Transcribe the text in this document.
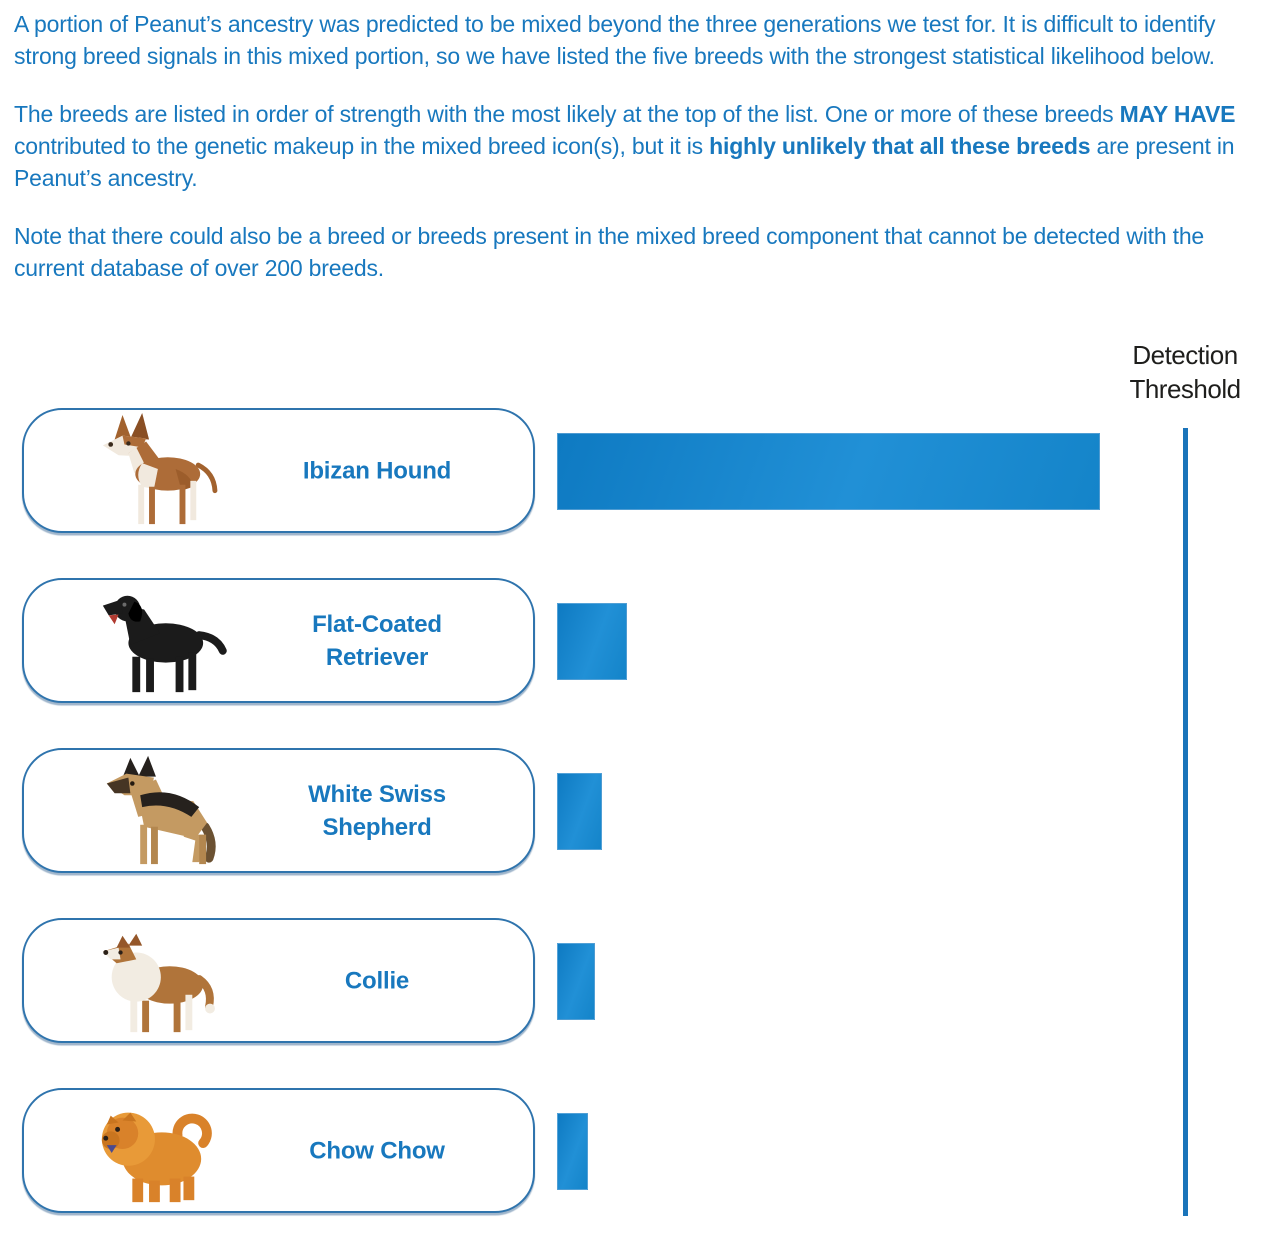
A portion of Peanut’s ancestry was predicted to be mixed beyond the three generations we test for. It is difficult to identify strong breed signals in this mixed portion, so we have listed the five breeds with the strongest statistical likelihood below.

The breeds are listed in order of strength with the most likely at the top of the list. One or more of these breeds MAY HAVE contributed to the genetic makeup in the mixed breed icon(s), but it is highly unlikely that all these breeds are present in Peanut’s ancestry.

Note that there could also be a breed or breeds present in the mixed breed component that cannot be detected with the current database of over 200 breeds.

Detection Threshold
Ibizan Hound
Flat-Coated Retriever
White Swiss Shepherd
Collie
Chow Chow
